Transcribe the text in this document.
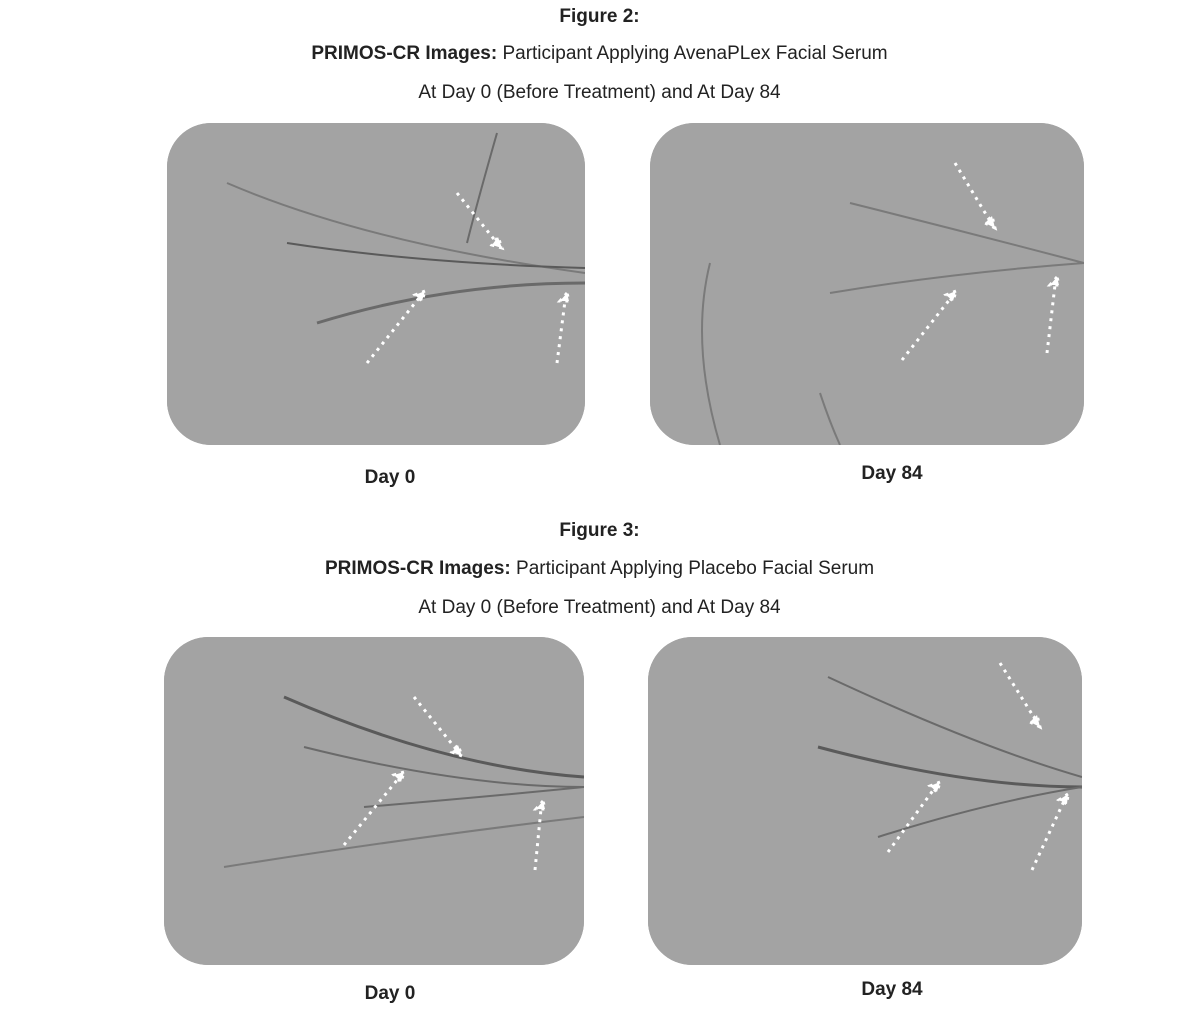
Figure 2:
PRIMOS-CR Images: Participant Applying AvenaPLex Facial Serum
At Day 0 (Before Treatment) and At Day 84
Day 0	Day 84
Figure 3:
PRIMOS-CR Images: Participant Applying Placebo Facial Serum
At Day 0 (Before Treatment) and At Day 84
Day 0	Day 84
